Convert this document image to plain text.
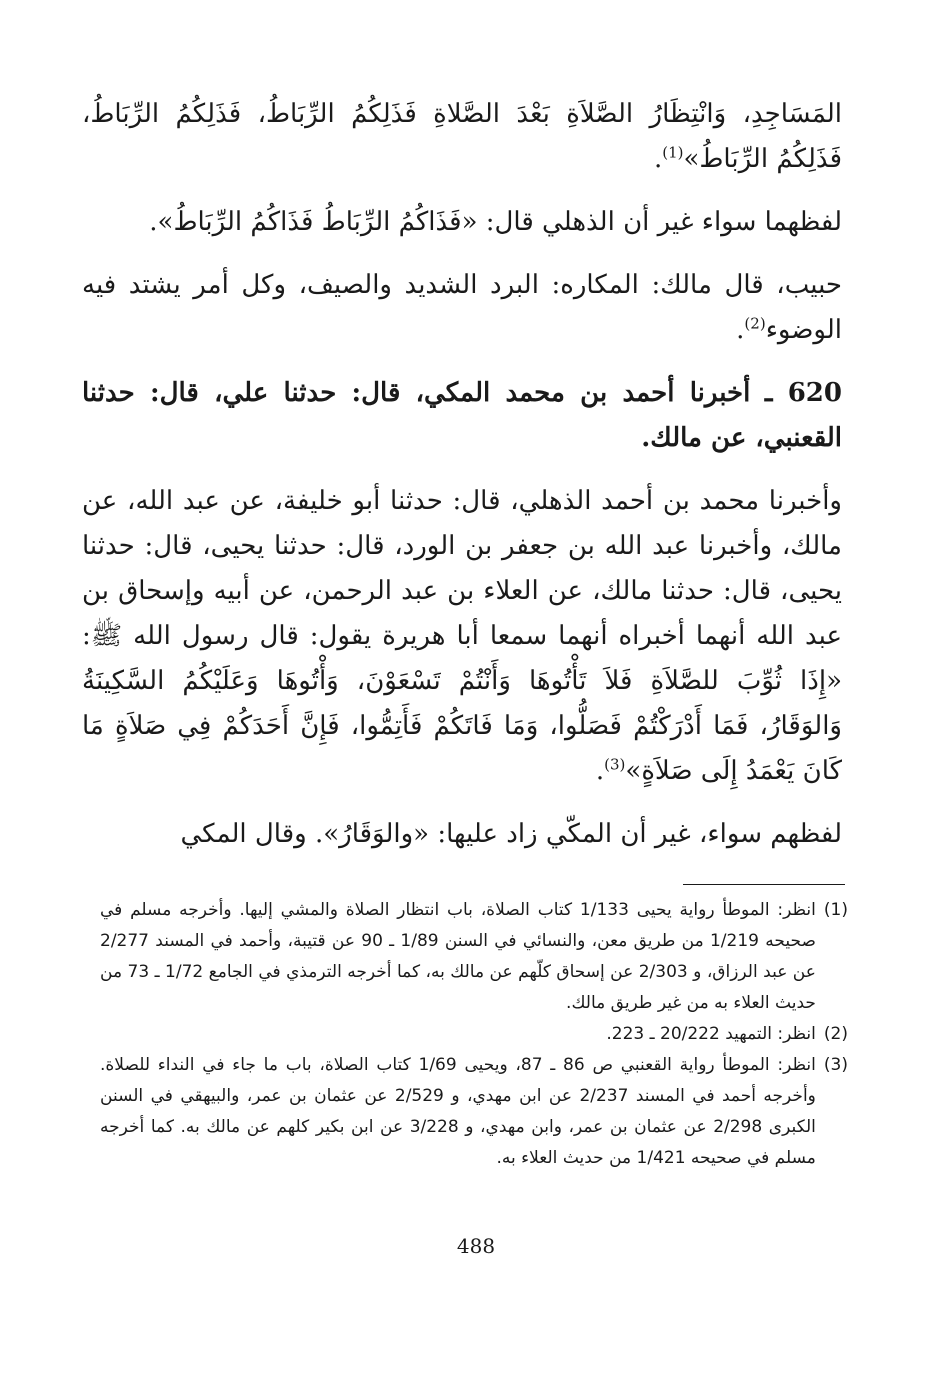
المَسَاجِدِ، وَانْتِظَارُ الصَّلاَةِ بَعْدَ الصَّلاةِ فَذَلِكُمُ الرِّبَاطُ، فَذَلِكُمُ الرِّبَاطُ، فَذَلِكُمُ الرِّبَاطُ»$^{(1)}$.

لفظهما سواء غير أن الذهلي قال: «فَذَاكُمُ الرِّبَاطُ فَذَاكُمُ الرِّبَاطُ».

حبيب، قال مالك: المكاره: البرد الشديد والصيف، وكل أمر يشتد فيه الوضوء$^{(2)}$.

620 ـ أخبرنا أحمد بن محمد المكي، قال: حدثنا علي، قال: حدثنا القعنبي، عن مالك.

وأخبرنا محمد بن أحمد الذهلي، قال: حدثنا أبو خليفة، عن عبد الله، عن مالك، وأخبرنا عبد الله بن جعفر بن الورد، قال: حدثنا يحيى، قال: حدثنا يحيى، قال: حدثنا مالك، عن العلاء بن عبد الرحمن، عن أبيه وإسحاق بن عبد الله أنهما أخبراه أنهما سمعا أبا هريرة يقول: قال رسول الله ﷺ: «إِذَا ثُوِّبَ للصَّلاَةِ فَلاَ تَأْتُوهَا وَأَنْتُمْ تَسْعَوْنَ، وَأْتُوهَا وَعَلَيْكُمُ السَّكِينَةُ وَالوَقَارُ، فَمَا أَدْرَكْتُمْ فَصَلُّوا، وَمَا فَاتَكُمْ فَأَتِمُّوا، فَإِنَّ أَحَدَكُمْ فِي صَلاَةٍ مَا كَانَ يَعْمَدُ إِلَى صَلاَةٍ»$^{(3)}$.

لفظهم سواء، غير أن المكّي زاد عليها: «والوَقَارُ». وقال المكي

(1)
انظر: الموطأ رواية يحيى 1/133 كتاب الصلاة، باب انتظار الصلاة والمشي إليها. وأخرجه مسلم في صحيحه 1/219 من طريق معن، والنسائي في السنن 1/89 ـ 90 عن قتيبة، وأحمد في المسند 2/277 عن عبد الرزاق، و 2/303 عن إسحاق كلّهم عن مالك به، كما أخرجه الترمذي في الجامع 1/72 ـ 73 من حديث العلاء به من غير طريق مالك.
(2)
انظر: التمهيد 20/222 ـ 223.
(3)
انظر: الموطأ رواية القعنبي ص 86 ـ 87، ويحيى 1/69 كتاب الصلاة، باب ما جاء في النداء للصلاة. وأخرجه أحمد في المسند 2/237 عن ابن مهدي، و 2/529 عن عثمان بن عمر، والبيهقي في السنن الكبرى 2/298 عن عثمان بن عمر، وابن مهدي، و 3/228 عن ابن بكير كلهم عن مالك به. كما أخرجه مسلم في صحيحه 1/421 من حديث العلاء به.
488
